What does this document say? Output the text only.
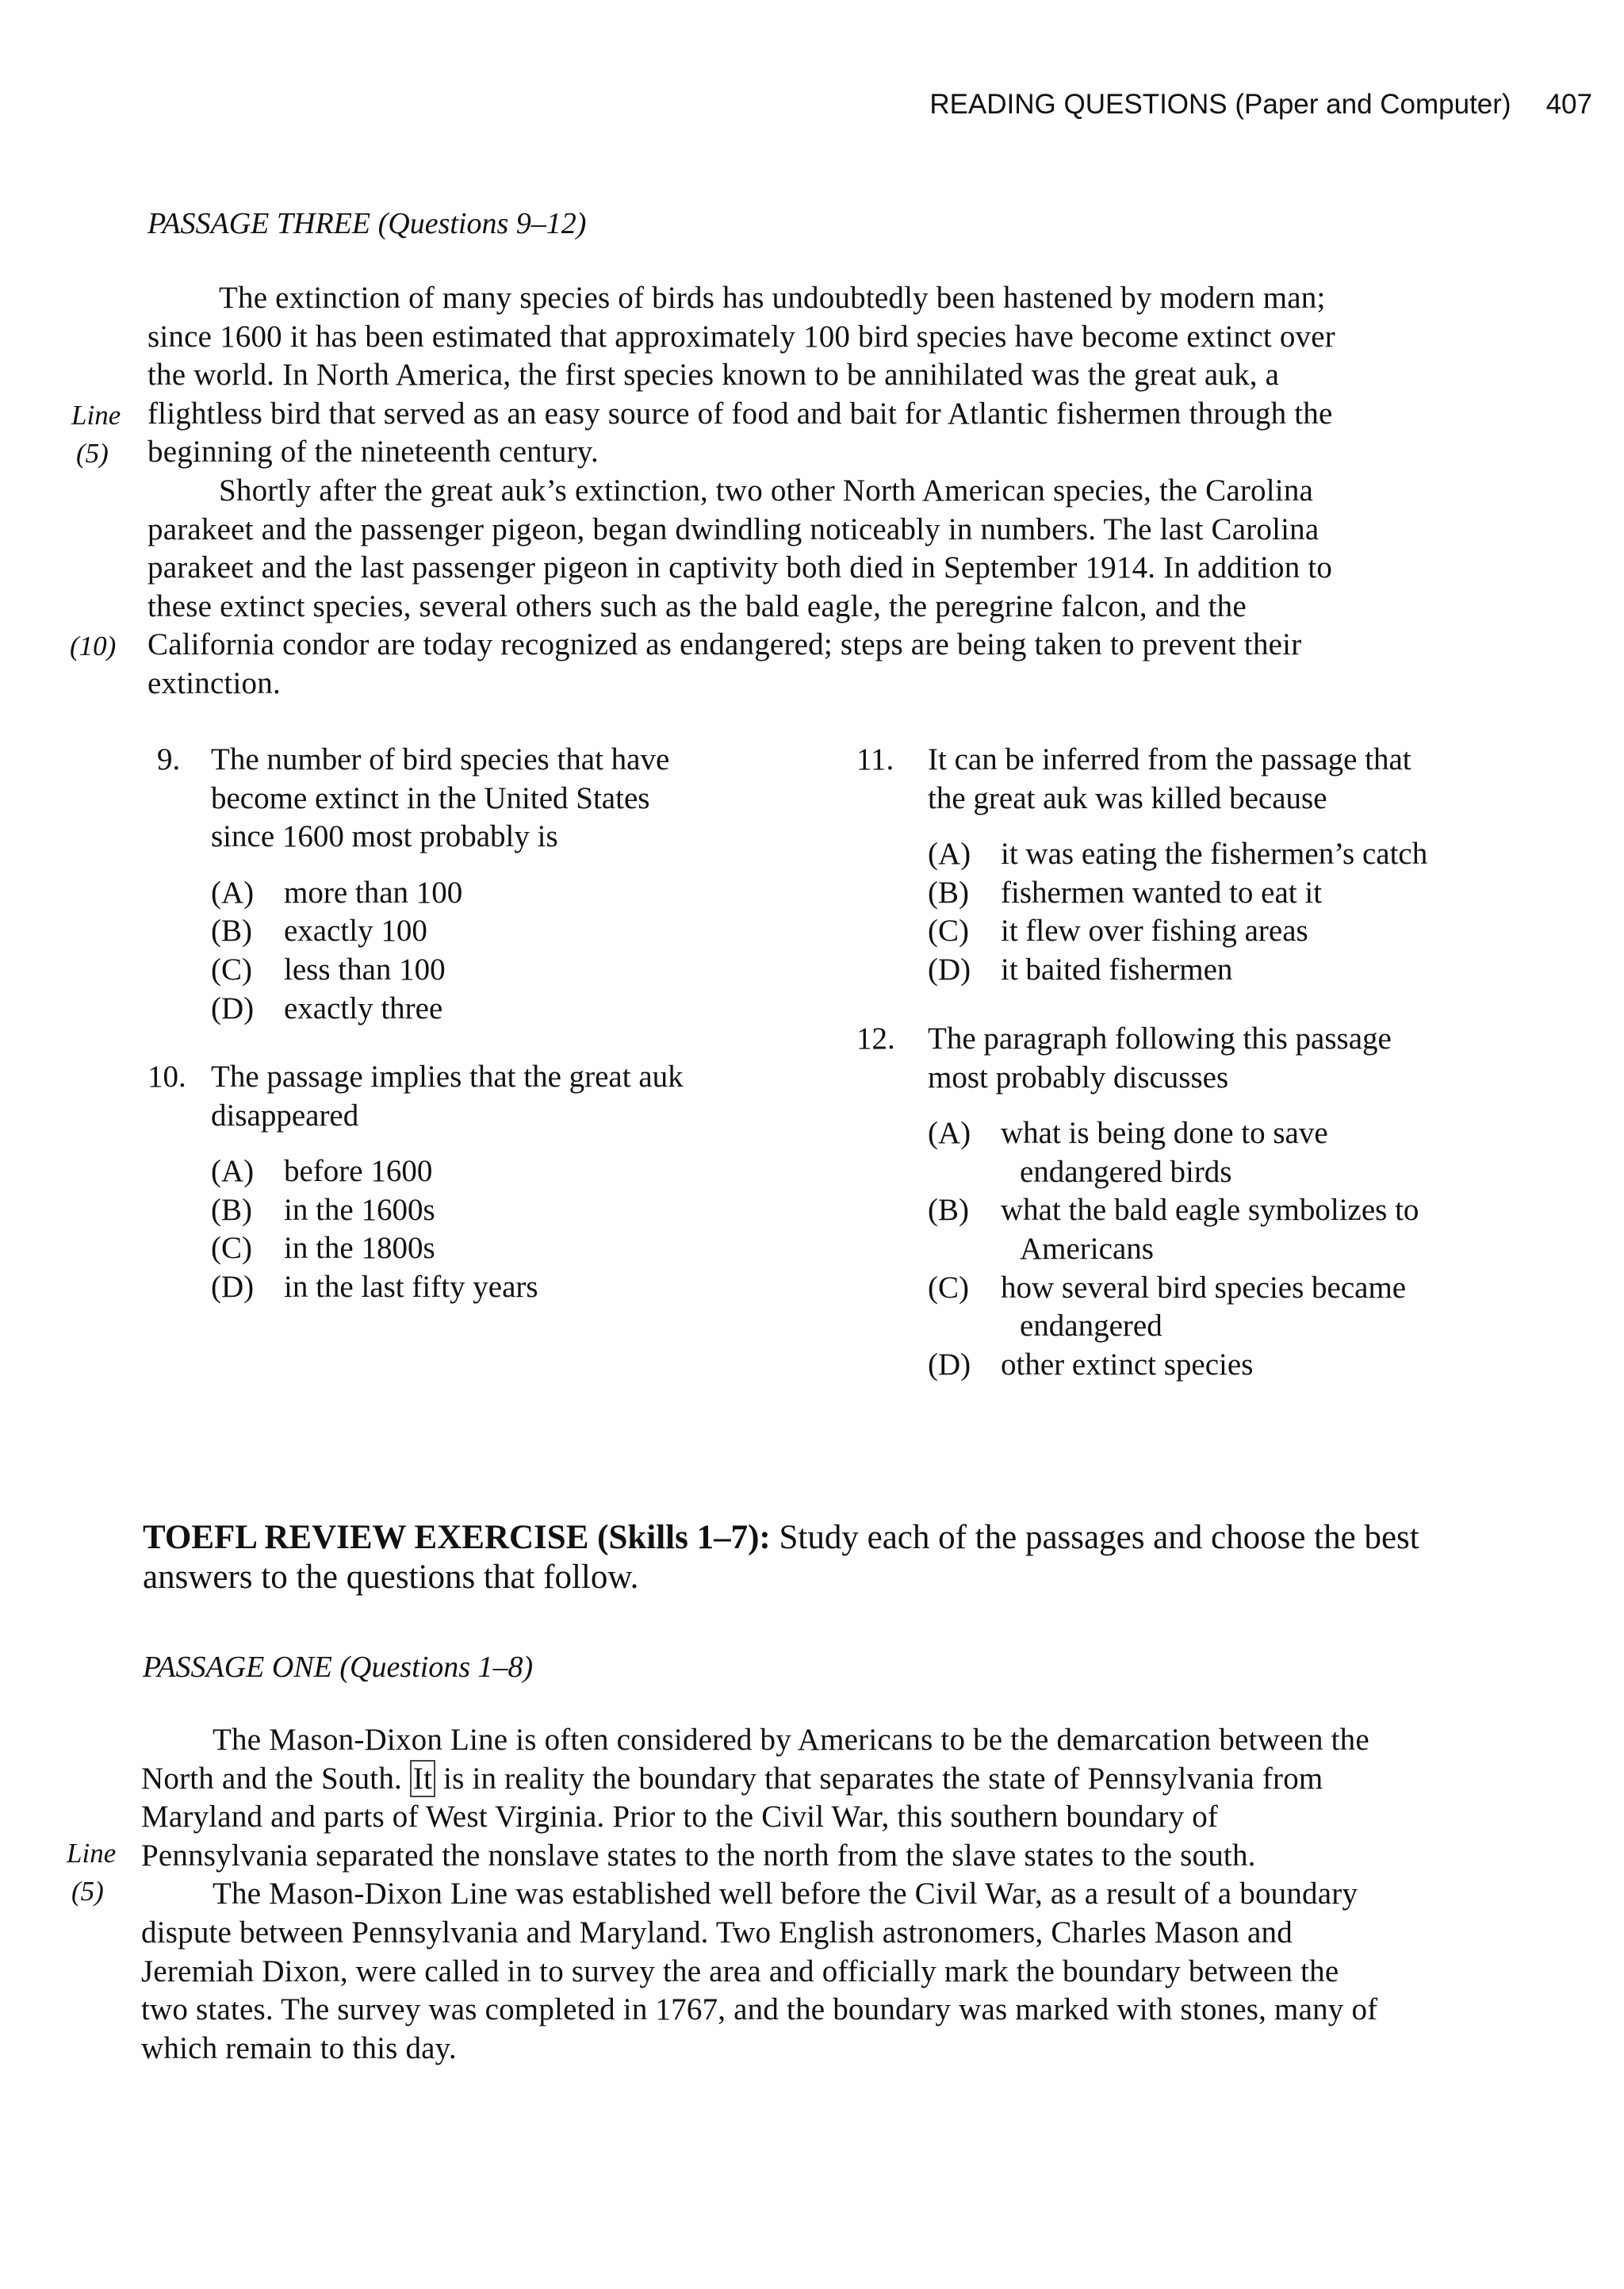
READING QUESTIONS (Paper and Computer) 407
PASSAGE THREE (Questions 9–12)
The extinction of many species of birds has undoubtedly been hastened by modern man;
since 1600 it has been estimated that approximately 100 bird species have become extinct over
the world. In North America, the first species known to be annihilated was the great auk, a
flightless bird that served as an easy source of food and bait for Atlantic fishermen through the
beginning of the nineteenth century.
Shortly after the great auk’s extinction, two other North American species, the Carolina
parakeet and the passenger pigeon, began dwindling noticeably in numbers. The last Carolina
parakeet and the last passenger pigeon in captivity both died in September 1914. In addition to
these extinct species, several others such as the bald eagle, the peregrine falcon, and the
California condor are today recognized as endangered; steps are being taken to prevent their
extinction.
Line
(5)
(10)
9. The number of bird species that have
become extinct in the United States
since 1600 most probably is
(A) more than 100
(B)	exactly 100
(C)	less than 100
(D) exactly three
10. The passage implies that the great auk
disappeared
(A) before 1600
(B)	in the 1600s
(C)	in the 1800s
(D) in the last fifty years
11. It can be inferred from the passage that
the great auk was killed because
(A) it was eating the fishermen’s catch
(B)	fishermen wanted to eat it
(C)	it flew over fishing areas
(D) it baited fishermen
12. The paragraph following this passage
most probably discusses
(A) what is being done to save
endangered birds
(B)	what the bald eagle symbolizes to
Americans
(C)	how several bird species became
endangered
(D) other extinct species
TOEFL REVIEW EXERCISE (Skills 1–7): Study each of the passages and choose the best
answers to the questions that follow.
PASSAGE ONE (Questions 1–8)
The Mason-Dixon Line is often considered by Americans to be the demarcation between the
North and the South. It is in reality the boundary that separates the state of Pennsylvania from
Maryland and parts of West Virginia. Prior to the Civil War, this southern boundary of
Pennsylvania separated the nonslave states to the north from the slave states to the south.
The Mason-Dixon Line was established well before the Civil War, as a result of a boundary
dispute between Pennsylvania and Maryland. Two English astronomers, Charles Mason and
Jeremiah Dixon, were called in to survey the area and officially mark the boundary between the
two states. The survey was completed in 1767, and the boundary was marked with stones, many of
which remain to this day.
Line
(5)
